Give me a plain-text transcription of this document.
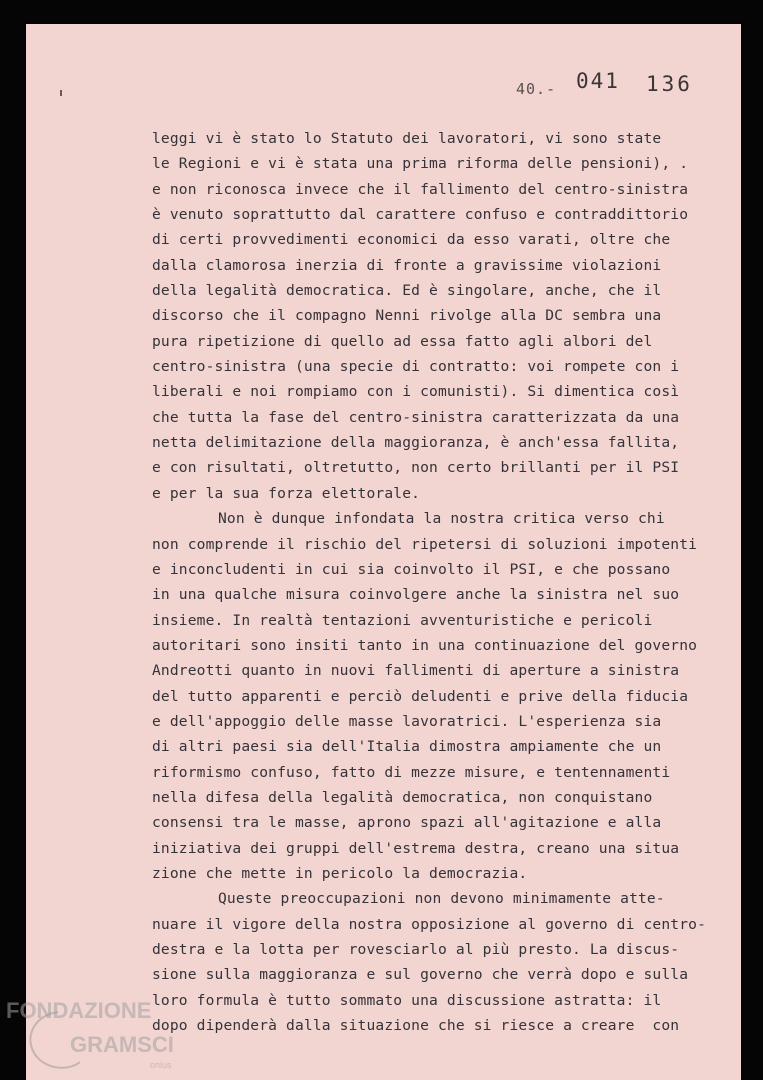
40.- 041 136
leggi vi è stato lo Statuto dei lavoratori, vi sono state
le Regioni e vi è stata una prima riforma delle pensioni), .
e non riconosca invece che il fallimento del centro-sinistra
è venuto soprattutto dal carattere confuso e contraddittorio
di certi provvedimenti economici da esso varati, oltre che
dalla clamorosa inerzia di fronte a gravissime violazioni
della legalità democratica. Ed è singolare, anche, che il
discorso che il compagno Nenni rivolge alla DC sembra una
pura ripetizione di quello ad essa fatto agli albori del
centro-sinistra (una specie di contratto: voi rompete con i
liberali e noi rompiamo con i comunisti). Si dimentica così
che tutta la fase del centro-sinistra caratterizzata da una
netta delimitazione della maggioranza, è anch'essa fallita,
e con risultati, oltretutto, non certo brillanti per il PSI
e per la sua forza elettorale.
Non è dunque infondata la nostra critica verso chi
non comprende il rischio del ripetersi di soluzioni impotenti
e inconcludenti in cui sia coinvolto il PSI, e che possano
in una qualche misura coinvolgere anche la sinistra nel suo
insieme. In realtà tentazioni avventuristiche e pericoli
autoritari sono insiti tanto in una continuazione del governo
Andreotti quanto in nuovi fallimenti di aperture a sinistra
del tutto apparenti e perciò deludenti e prive della fiducia
e dell'appoggio delle masse lavoratrici. L'esperienza sia
di altri paesi sia dell'Italia dimostra ampiamente che un
riformismo confuso, fatto di mezze misure, e tentennamenti
nella difesa della legalità democratica, non conquistano
consensi tra le masse, aprono spazi all'agitazione e alla
iniziativa dei gruppi dell'estrema destra, creano una situa
zione che mette in pericolo la democrazia.
Queste preoccupazioni non devono minimamente atte-
nuare il vigore della nostra opposizione al governo di centro-
destra e la lotta per rovesciarlo al più presto. La discus-
sione sulla maggioranza e sul governo che verrà dopo e sulla
loro formula è tutto sommato una discussione astratta: il
dopo dipenderà dalla situazione che si riesce a creare  con
FONDAZIONE
GRAMSCI
onlus
